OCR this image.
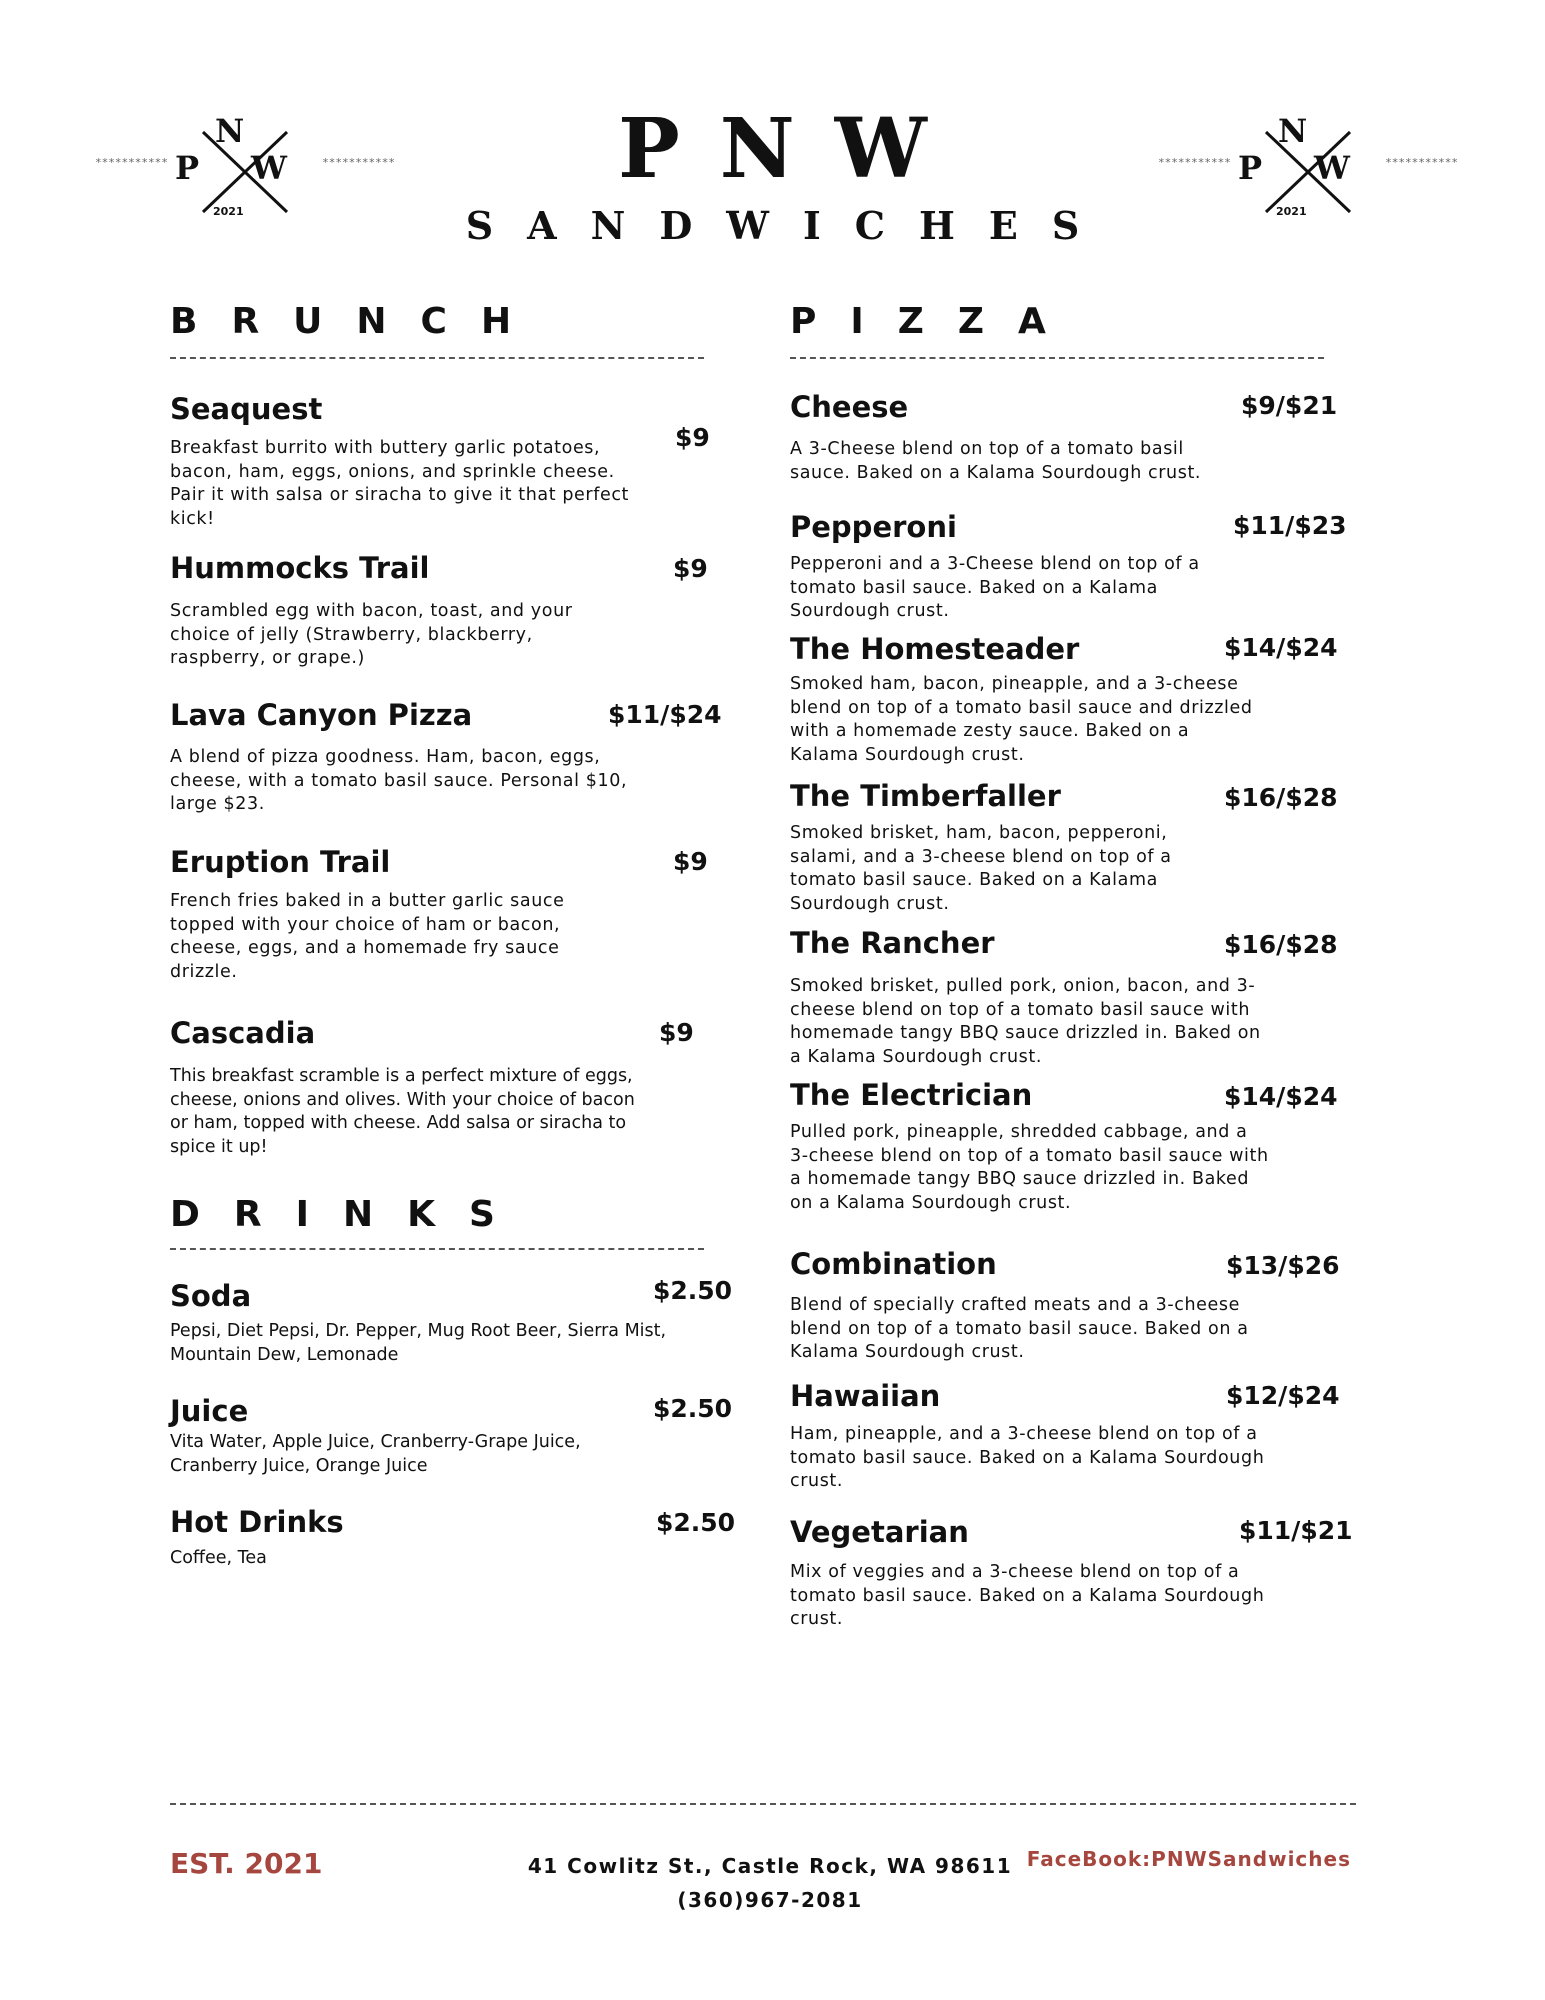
***********
N
P W
2021
***********	***********
N
P W
2021
***********
PNW
SANDWICHES
BRUNCH
Seaquest
$9
Breakfast burrito with buttery garlic potatoes, bacon, ham, eggs, onions, and sprinkle cheese. Pair it with salsa or siracha to give it that perfect kick!
Hummocks Trail	$9
Scrambled egg with bacon, toast, and your choice of jelly (Strawberry, blackberry, raspberry, or grape.)
Lava Canyon Pizza	$11/$24
A blend of pizza goodness. Ham, bacon, eggs, cheese, with a tomato basil sauce. Personal $10, large $23.
Eruption Trail	$9
French fries baked in a butter garlic sauce topped with your choice of ham or bacon, cheese, eggs, and a homemade fry sauce drizzle.
Cascadia	$9
This breakfast scramble is a perfect mixture of eggs, cheese, onions and olives. With your choice of bacon or ham, topped with cheese. Add salsa or siracha to spice it up!
DRINKS
Soda	$2.50
Pepsi, Diet Pepsi, Dr. Pepper, Mug Root Beer, Sierra Mist, Mountain Dew, Lemonade
Juice	$2.50
Vita Water, Apple Juice, Cranberry-Grape Juice, Cranberry Juice, Orange Juice
Hot Drinks	$2.50
Coffee, Tea
PIZZA
Cheese	$9/$21
A 3-Cheese blend on top of a tomato basil sauce. Baked on a Kalama Sourdough crust.
Pepperoni	$11/$23
Pepperoni and a 3-Cheese blend on top of a tomato basil sauce. Baked on a Kalama Sourdough crust.
The Homesteader	$14/$24
Smoked ham, bacon, pineapple, and a 3-cheese blend on top of a tomato basil sauce and drizzled with a homemade zesty sauce. Baked on a Kalama Sourdough crust.
The Timberfaller	$16/$28
Smoked brisket, ham, bacon, pepperoni, salami, and a 3-cheese blend on top of a tomato basil sauce. Baked on a Kalama Sourdough crust.
The Rancher	$16/$28
Smoked brisket, pulled pork, onion, bacon, and 3-cheese blend on top of a tomato basil sauce with homemade tangy BBQ sauce drizzled in. Baked on a Kalama Sourdough crust.
The Electrician	$14/$24
Pulled pork, pineapple, shredded cabbage, and a 3-cheese blend on top of a tomato basil sauce with a homemade tangy BBQ sauce drizzled in. Baked on a Kalama Sourdough crust.
Combination	$13/$26
Blend of specially crafted meats and a 3-cheese blend on top of a tomato basil sauce. Baked on a Kalama Sourdough crust.
Hawaiian	$12/$24
Ham, pineapple, and a 3-cheese blend on top of a tomato basil sauce. Baked on a Kalama Sourdough crust.
Vegetarian	$11/$21
Mix of veggies and a 3-cheese blend on top of a tomato basil sauce. Baked on a Kalama Sourdough crust.
EST. 2021	41 Cowlitz St., Castle Rock, WA 98611
(360)967-2081
FaceBook:PNWSandwiches
